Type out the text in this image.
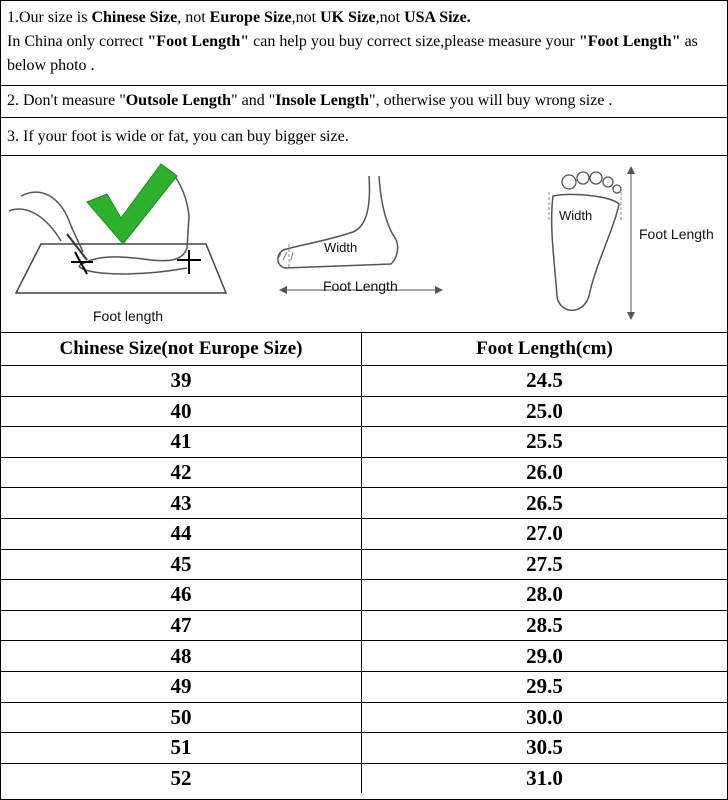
1.Our size is Chinese Size, not Europe Size,not UK Size,not USA Size.
In China only correct "Foot Length" can help you buy correct size,please measure your "Foot Length" as below photo .
2. Don't measure "Outsole Length" and "Insole Length", otherwise you will buy wrong size .
3. If your foot is wide or fat, you can buy bigger size.
Foot length
Width
Foot Length
Width
Foot Length
Chinese Size(not Europe Size)	Foot Length(cm)
39	24.5
40	25.0
41	25.5
42	26.0
43	26.5
44	27.0
45	27.5
46	28.0
47	28.5
48	29.0
49	29.5
50	30.0
51	30.5
52	31.0
